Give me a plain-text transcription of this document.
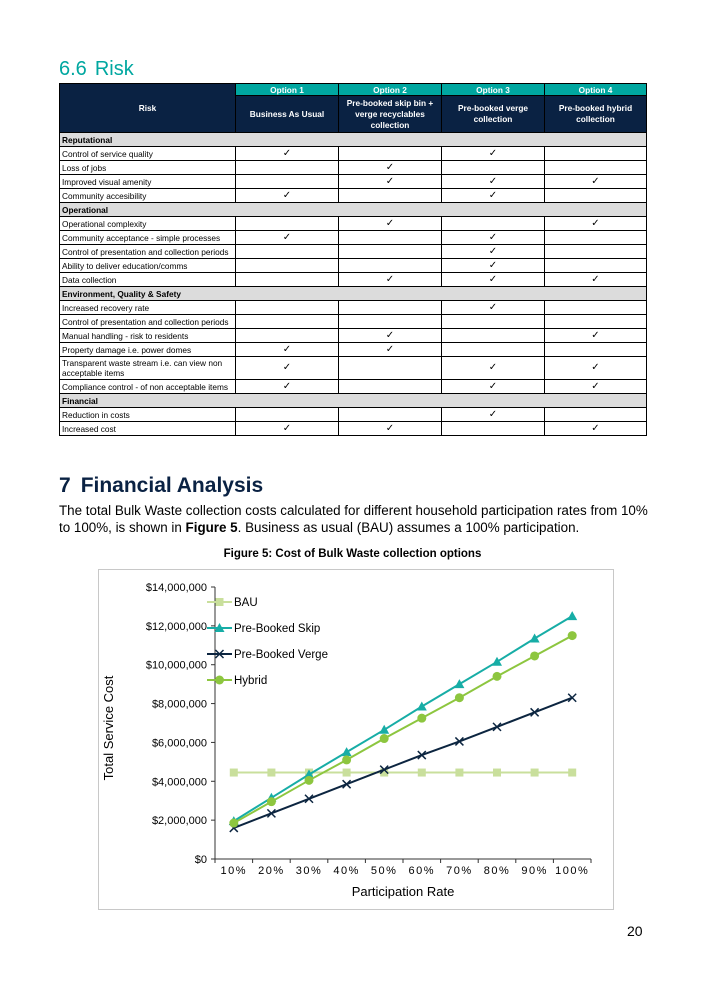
6.6 Risk
Risk	Option 1	Option 2	Option 3	Option 4
	Business As Usual	Pre-booked skip bin + verge recyclables collection	Pre-booked verge collection	Pre-booked hybrid collection
Reputational				
Control of service quality	✓		✓	
Loss of jobs		✓		
Improved visual amenity		✓	✓	✓
Community accesibility	✓		✓	
Operational				
Operational complexity		✓		✓
Community acceptance - simple processes	✓		✓	
Control of presentation and collection periods			✓	
Ability to deliver education/comms			✓	
Data collection		✓	✓	✓
Environment, Quality & Safety				
Increased recovery rate			✓	
Control of presentation and collection periods				
Manual handling - risk to residents		✓		✓
Property damage i.e. power domes	✓	✓		
Transparent waste stream i.e. can view non acceptable items	✓		✓	✓
Compliance control - of non acceptable items	✓		✓	✓
Financial				
Reduction in costs			✓	
Increased cost	✓	✓		✓
7 Financial Analysis
The total Bulk Waste collection costs calculated for different household participation rates from 10% to 100%, is shown in Figure 5. Business as usual (BAU) assumes a 100% participation.
Figure 5: Cost of Bulk Waste collection options
$0
$2,000,000
$4,000,000
$6,000,000
$8,000,000
$10,000,000
$12,000,000
$14,000,000
10% 20% 30% 40% 50% 60% 70% 80% 90% 100%
Participation Rate
Total Service Cost
BAU
Pre-Booked Skip
Pre-Booked Verge
Hybrid
20
